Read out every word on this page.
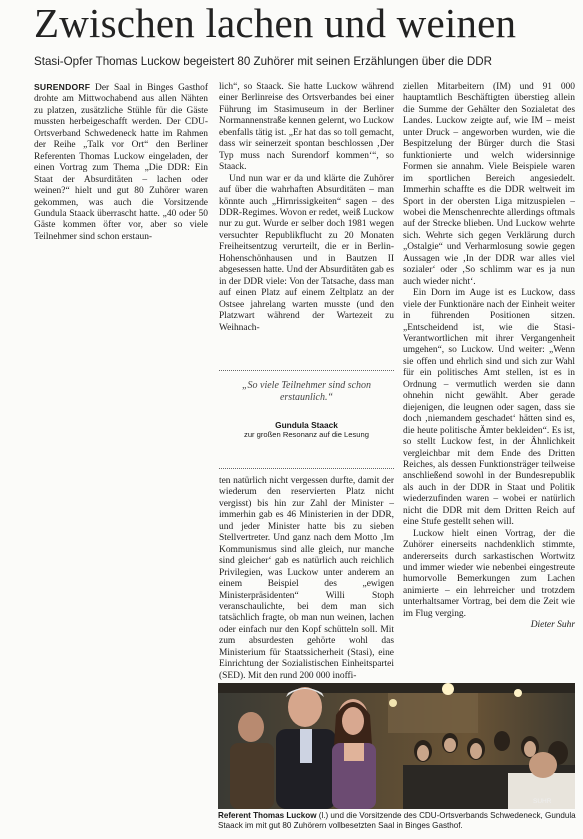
Zwischen lachen und weinen
Stasi-Opfer Thomas Luckow begeistert 80 Zuhörer mit seinen Erzählungen über die DDR

SURENDORF Der Saal in Binges Gasthof drohte am Mittwochabend aus allen Nähten zu platzen, zusätzliche Stühle für die Gäste mussten herbeigeschafft werden. Der CDU-Ortsverband Schwedeneck hatte im Rahmen der Reihe „Talk vor Ort“ den Berliner Referenten Thomas Luckow eingeladen, der einen Vortrag zum Thema „Die DDR: Ein Staat der Absurditäten – lachen oder weinen?“ hielt und gut 80 Zuhörer waren gekommen, was auch die Vorsitzende Gundula Staack überrascht hatte. „40 oder 50 Gäste kommen öfter vor, aber so viele Teilnehmer sind schon erstaun-

lich“, so Staack. Sie hatte Luckow während einer Berlinreise des Ortsverbandes bei einer Führung im Stasimuseum in der Berliner Normannenstraße kennen gelernt, wo Luckow ebenfalls tätig ist. „Er hat das so toll gemacht, dass wir seinerzeit spontan beschlossen ‚Der Typ muss nach Surendorf kommen‘“, so Staack.

Und nun war er da und klärte die Zuhörer auf über die wahrhaften Absurditäten – man könnte auch „Hirnrissigkeiten“ sagen – des DDR-Regimes. Wovon er redet, weiß Luckow nur zu gut. Wurde er selber doch 1981 wegen versuchter Republikflucht zu 20 Monaten Freiheitsentzug verurteilt, die er in Berlin-Hohenschönhausen und in Bautzen II abgesessen hatte. Und der Absurditäten gab es in der DDR viele: Von der Tatsache, dass man auf einen Platz auf einem Zeltplatz an der Ostsee jahrelang warten musste (und den Platzwart während der Wartezeit zu Weihnach-

„So viele Teilnehmer sind schon erstaunlich.“
Gundula Staack
zur großen Resonanz auf die Lesung

ten natürlich nicht vergessen durfte, damit der wiederum den reservierten Platz nicht vergisst) bis hin zur Zahl der Minister – immerhin gab es 46 Ministerien in der DDR, und jeder Minister hatte bis zu sieben Stellvertreter. Und ganz nach dem Motto ‚Im Kommunismus sind alle gleich, nur manche sind gleicher‘ gab es natürlich auch reichlich Privilegien, was Luckow unter anderem an einem Beispiel des „ewigen Ministerpräsidenten“ Willi Stoph veranschaulichte, bei dem man sich tatsächlich fragte, ob man nun weinen, lachen oder einfach nur den Kopf schütteln soll. Mit zum absurdesten gehörte wohl das Ministerium für Staatssicherheit (Stasi), eine Einrichtung der Sozialistischen Einheitspartei (SED). Mit den rund 200 000 inoffi-

ziellen Mitarbeitern (IM) und 91 000 hauptamtlich Beschäftigten überstieg allein die Summe der Gehälter den Sozialetat des Landes. Luckow zeigte auf, wie IM – meist unter Druck – angeworben wurden, wie die Bespitzelung der Bürger durch die Stasi funktionierte und welch widersinnige Formen sie annahm. Viele Beispiele waren im sportlichen Bereich angesiedelt. Immerhin schaffte es die DDR weltweit im Sport in der obersten Liga mitzuspielen – wobei die Menschenrechte allerdings oftmals auf der Strecke blieben. Und Luckow wehrte sich. Wehrte sich gegen Verklärung durch „Ostalgie“ und Verharmlosung sowie gegen Aussagen wie ‚In der DDR war alles viel sozialer‘ oder ‚So schlimm war es ja nun auch wieder nicht‘.

Ein Dorn im Auge ist es Luckow, dass viele der Funktionäre nach der Einheit weiter in führenden Positionen sitzen. „Entscheidend ist, wie die Stasi-Verantwortlichen mit ihrer Vergangenheit umgehen“, so Luckow. Und weiter: „Wenn sie offen und ehrlich sind und sich zur Wahl für ein politisches Amt stellen, ist es in Ordnung – vermutlich werden sie dann ohnehin nicht gewählt. Aber gerade diejenigen, die leugnen oder sagen, dass sie doch ‚niemandem geschadet‘ hätten sind es, die heute politische Ämter bekleiden“. Es ist, so stellt Luckow fest, in der Ähnlichkeit vergleichbar mit dem Ende des Dritten Reiches, als dessen Funktionsträger teilweise anschließend sowohl in der Bundesrepublik als auch in der DDR in Staat und Politik wiederzufinden waren – wobei er natürlich nicht die DDR mit dem Dritten Reich auf eine Stufe gestellt sehen will.

Luckow hielt einen Vortrag, der die Zuhörer einerseits nachdenklich stimmte, andererseits durch sarkastischen Wortwitz und immer wieder wie nebenbei eingestreute humorvolle Bemerkungen zum Lachen animierte – ein lehrreicher und trotzdem unterhaltsamer Vortrag, bei dem die Zeit wie im Flug verging.

Dieter Suhr

SUHR
Referent Thomas Luckow (l.) und die Vorsitzende des CDU-Ortsverbands Schwedeneck, Gundula Staack im mit gut 80 Zuhörern vollbesetzten Saal in Binges Gasthof.
